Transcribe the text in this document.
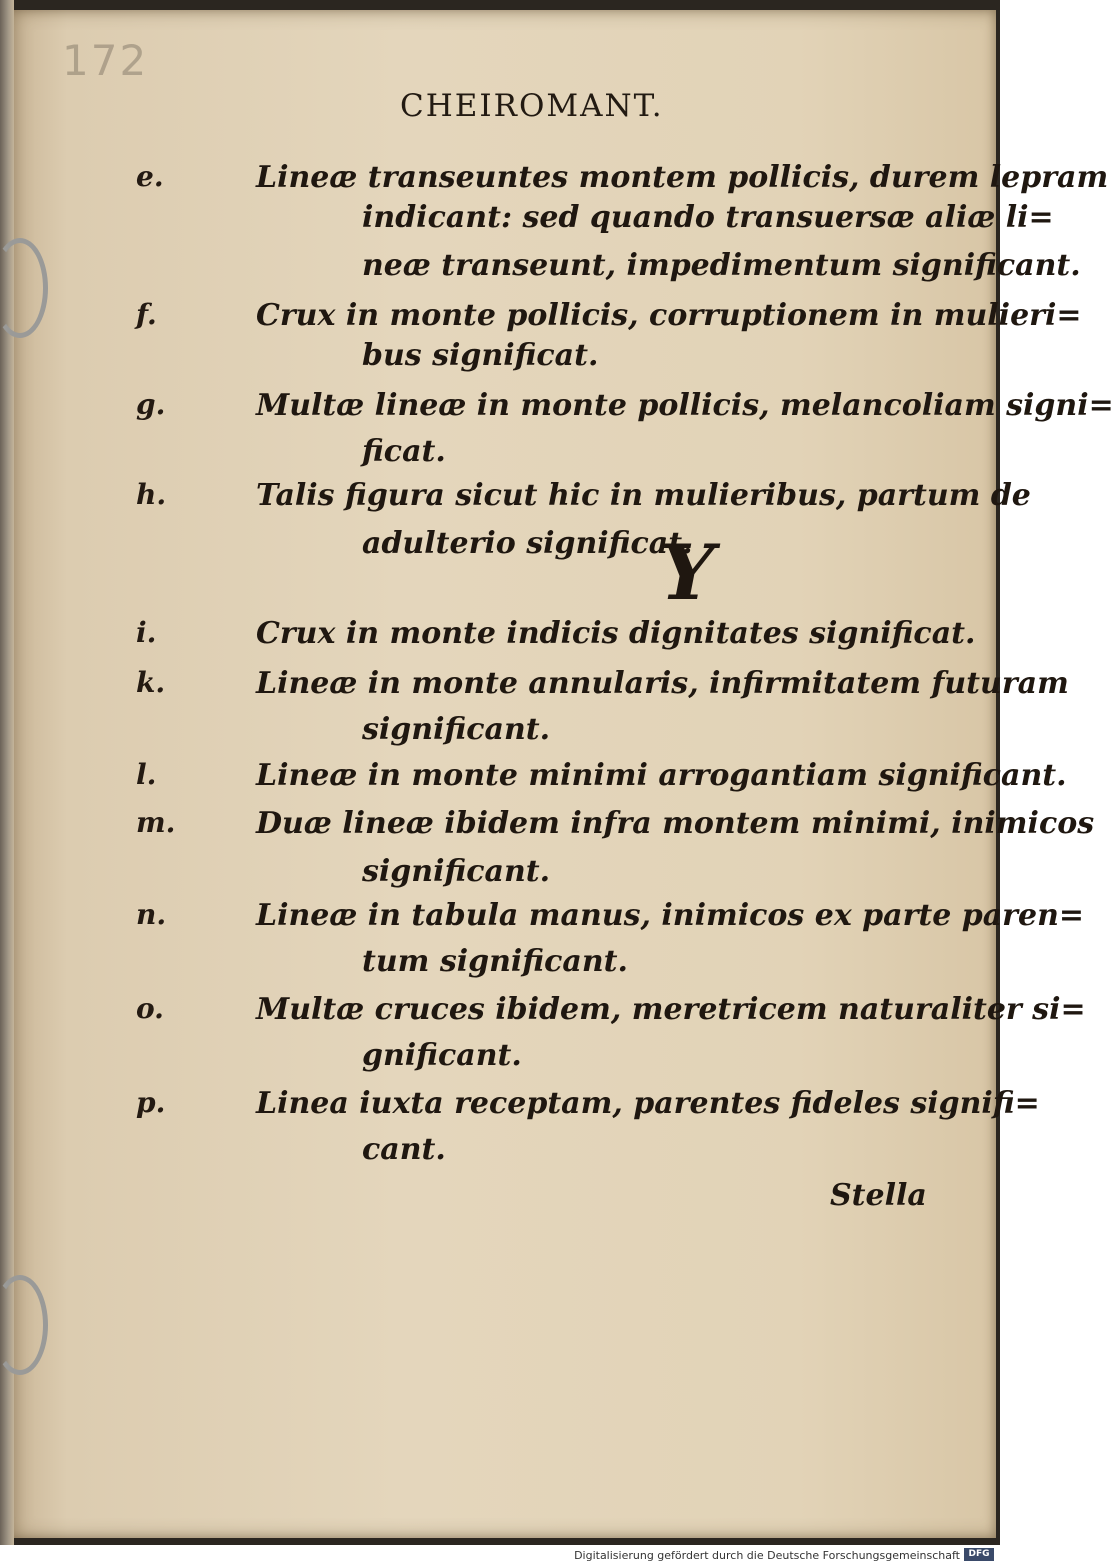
172
CHEIROMANT.
e.	Lineæ transeuntes montem pollicis, durem lepram
indicant: sed quando transuersæ aliæ li=
neæ transeunt, impedimentum significant.
f.	Crux in monte pollicis, corruptionem in mulieri=
bus significat.
g.	Multæ lineæ in monte pollicis, melancoliam signi=
ficat.
h.	Talis figura sicut hic in mulieribus, partum de
adulterio significat.
Y
i.	Crux in monte indicis dignitates significat.
k.	Lineæ in monte annularis, infirmitatem futuram
significant.
l.	Lineæ in monte minimi arrogantiam significant.
m.	Duæ lineæ ibidem infra montem minimi, inimicos
significant.
n.	Lineæ in tabula manus, inimicos ex parte paren=
tum significant.
o.	Multæ cruces ibidem, meretricem naturaliter si=
gnificant.
p.	Linea iuxta receptam, parentes fideles signifi=
cant.
Stella
Digitalisierung gefördert durch die Deutsche Forschungsgemeinschaft DFG
